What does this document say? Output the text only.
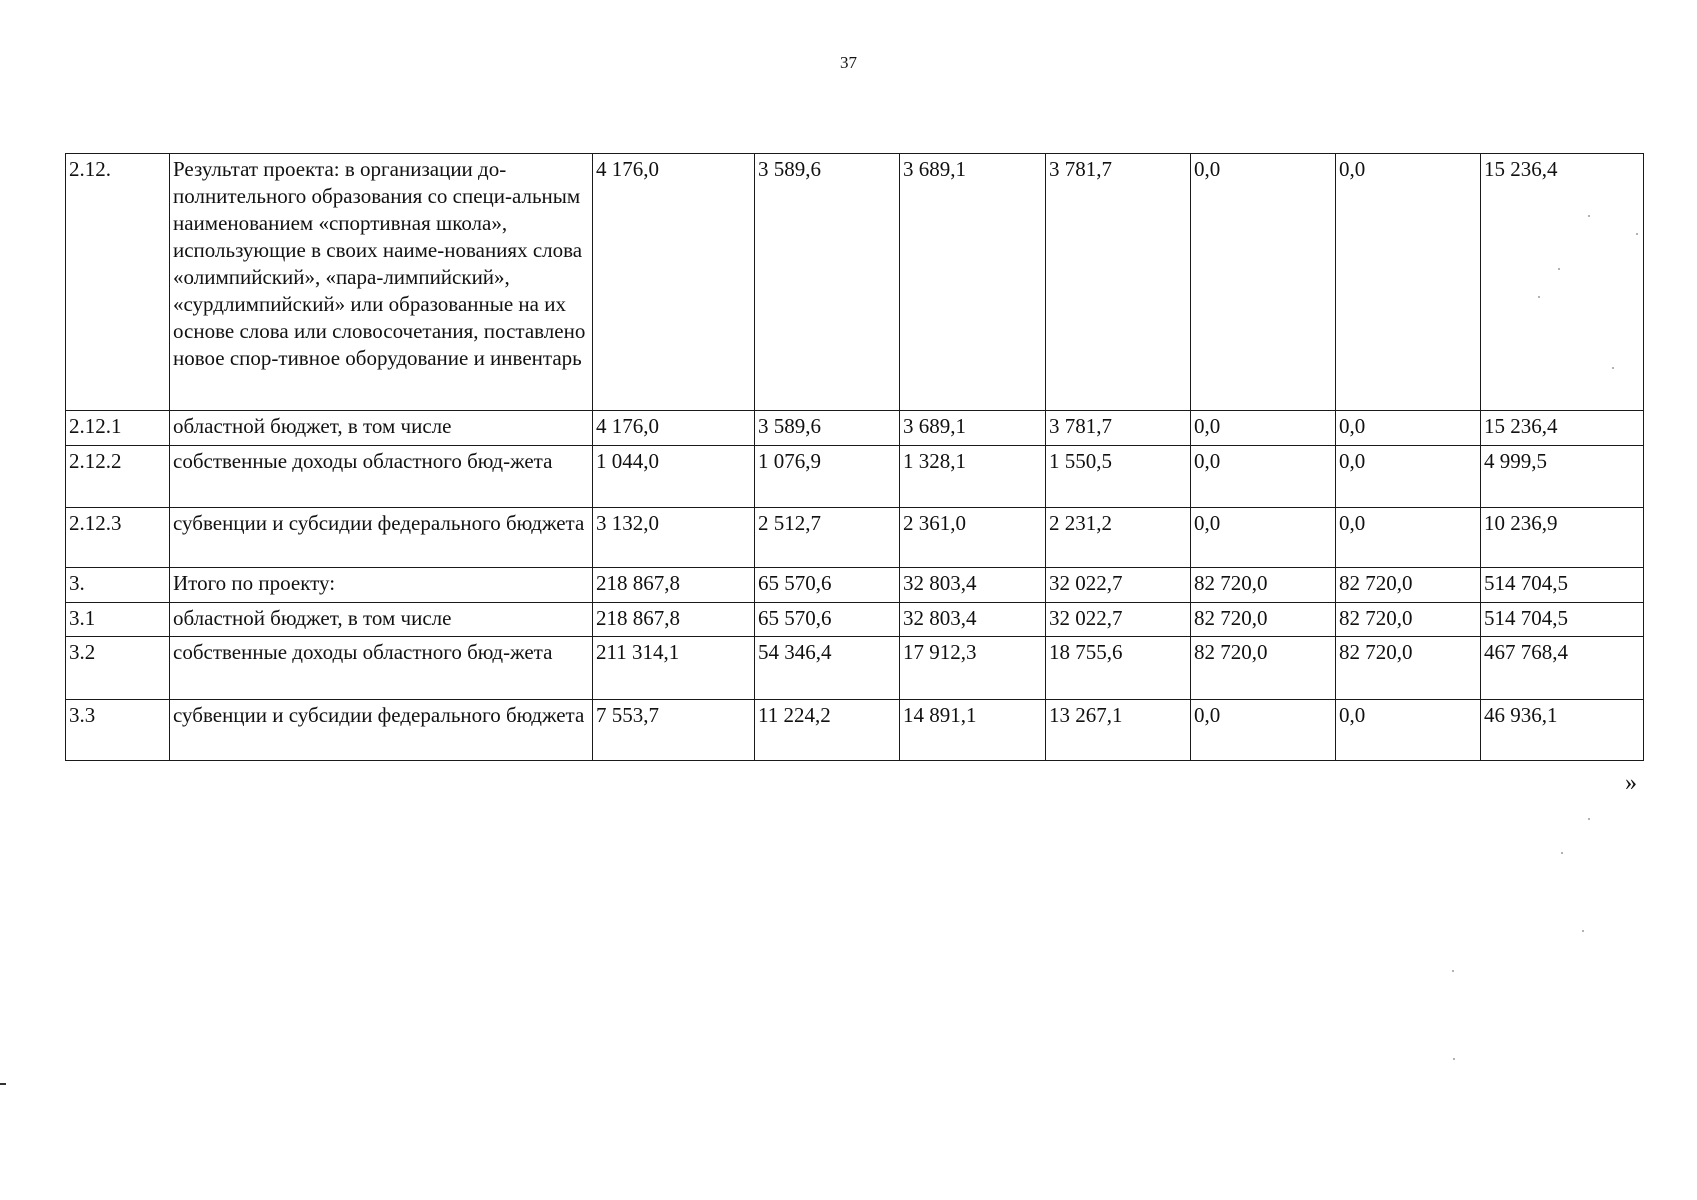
37
2.12.	Результат проекта: в организации до-полнительного образования со специ-альным наименованием «спортивная школа», использующие в своих наиме-нованиях слова «олимпийский», «пара-лимпийский», «сурдлимпийский» или образованные на их основе слова или словосочетания, поставлено новое спор-тивное оборудование и инвентарь	4 176,0	3 589,6	3 689,1	3 781,7	0,0	0,0	15 236,4
2.12.1	областной бюджет, в том числе	4 176,0	3 589,6	3 689,1	3 781,7	0,0	0,0	15 236,4
2.12.2	собственные доходы областного бюд-жета	1 044,0	1 076,9	1 328,1	1 550,5	0,0	0,0	4 999,5
2.12.3	субвенции и субсидии федерального бюджета	3 132,0	2 512,7	2 361,0	2 231,2	0,0	0,0	10 236,9
3.	Итого по проекту:	218 867,8	65 570,6	32 803,4	32 022,7	82 720,0	82 720,0	514 704,5
3.1	областной бюджет, в том числе	218 867,8	65 570,6	32 803,4	32 022,7	82 720,0	82 720,0	514 704,5
3.2	собственные доходы областного бюд-жета	211 314,1	54 346,4	17 912,3	18 755,6	82 720,0	82 720,0	467 768,4
3.3	субвенции и субсидии федерального бюджета	7 553,7	11 224,2	14 891,1	13 267,1	0,0	0,0	46 936,1
»
